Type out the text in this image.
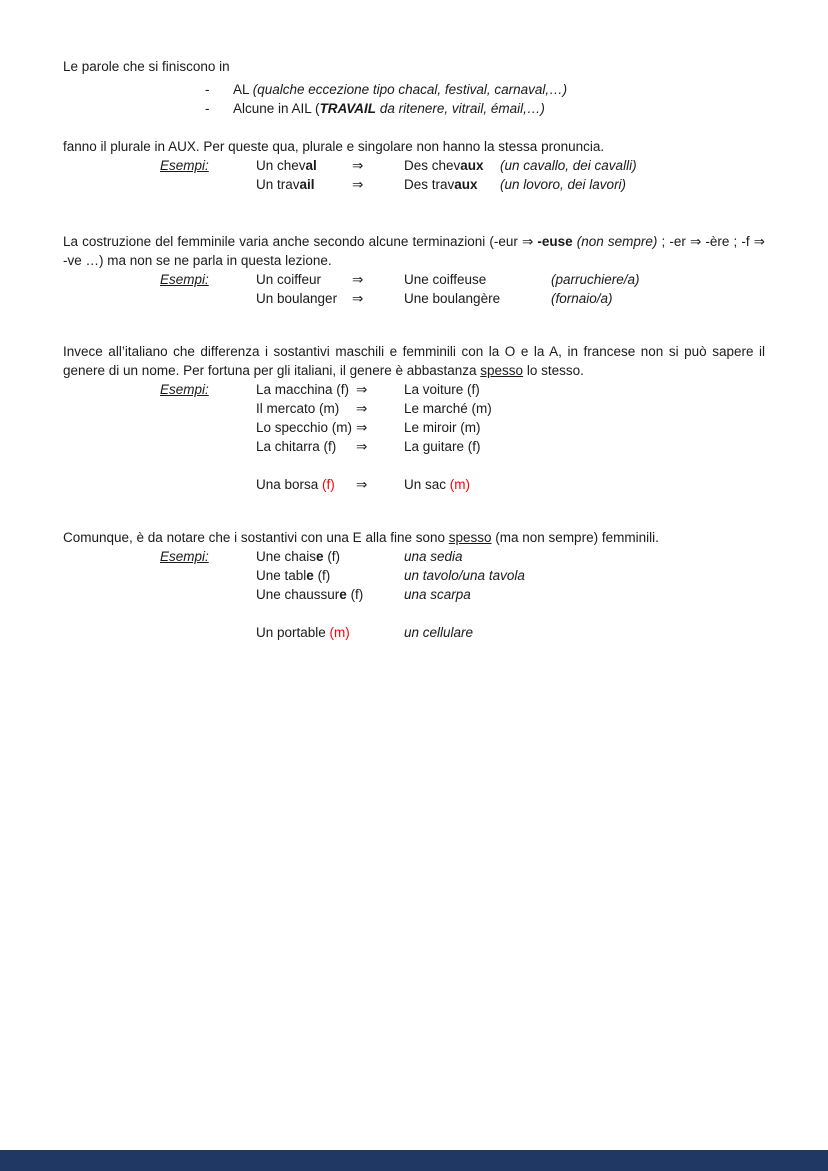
Le parole che si finiscono in

-	AL (qualche eccezione tipo chacal, festival, carnaval,…)
-	Alcune in AIL (TRAVAIL da ritenere, vitrail, émail,…)

fanno il plurale in AUX. Per queste qua, plurale e singolare non hanno la stessa pronuncia.

Esempi:	Un cheval	⇒	Des chevaux	(un cavallo, dei cavalli)
Un travail	⇒	Des travaux	(un lovoro, dei lavori)

La costruzione del femminile varia anche secondo alcune terminazioni (-eur ⇒ -euse (non sempre) ; -er ⇒ -ère ; -f ⇒ -ve …) ma non se ne parla in questa lezione.

Esempi:	Un coiffeur	⇒	Une coiffeuse	(parruchiere/a)
Un boulanger	⇒	Une boulangère	(fornaio/a)

Invece all’italiano che differenza i sostantivi maschili e femminili con la O e la A, in francese non si può sapere il genere di un nome. Per fortuna per gli italiani, il genere è abbastanza spesso lo stesso.

Esempi:	La macchina (f) ⇒	La voiture (f)
Il mercato (m)	⇒	Le marché (m)
Lo specchio (m) ⇒	Le miroir (m)
La chitarra (f)	⇒	La guitare (f)
Una borsa (f)	⇒	Un sac (m)

Comunque, è da notare che i sostantivi con una E alla fine sono spesso (ma non sempre) femminili.

Esempi:	Une chaise (f)	una sedia
Une table (f)	un tavolo/una tavola
Une chaussure (f)	una scarpa
Un portable (m)	un cellulare
